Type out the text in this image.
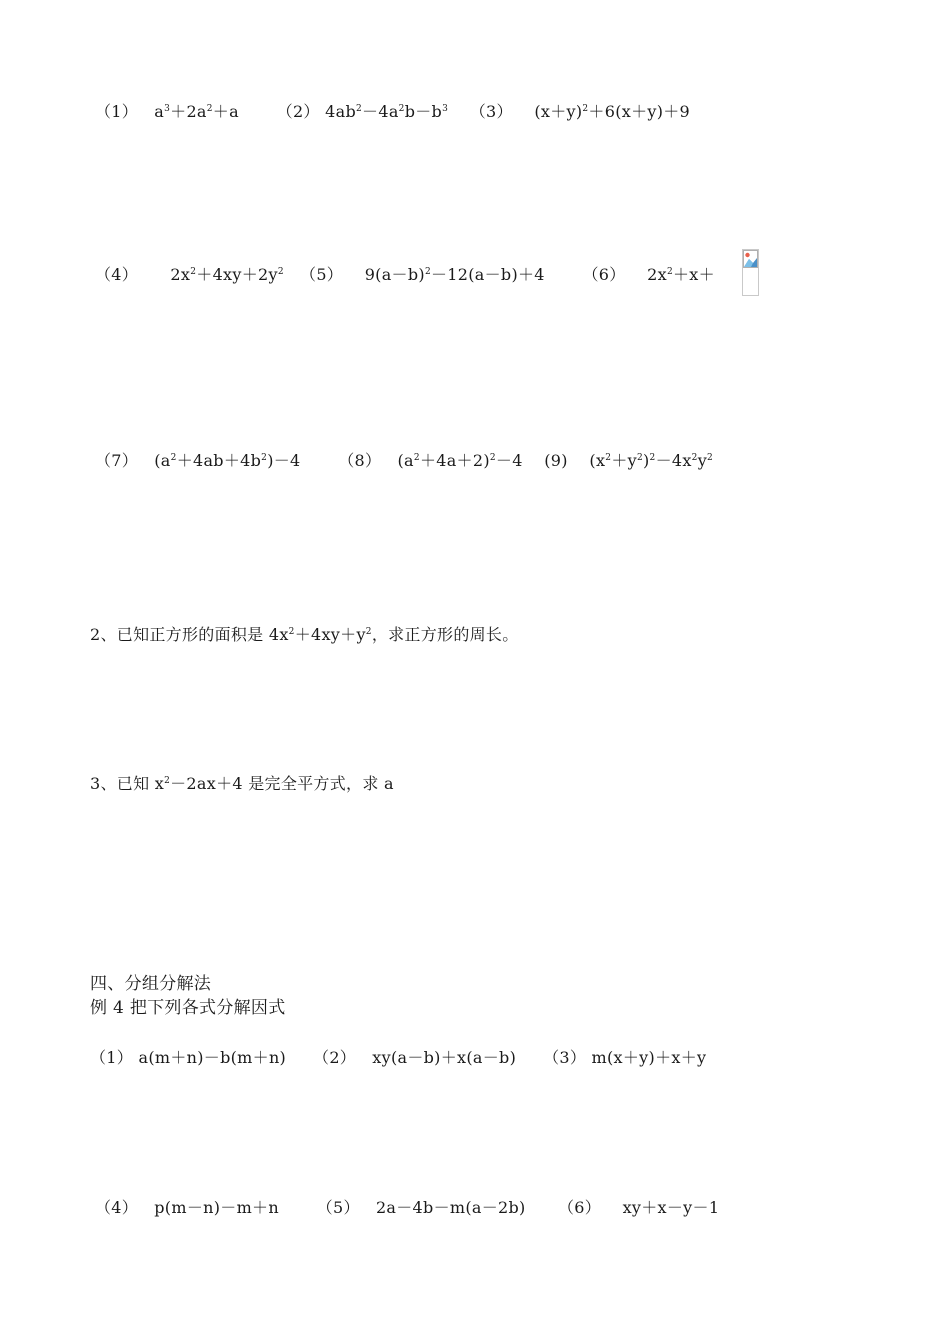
（1） $a^3+2a^2+a$ （2） $4ab^2-4a^2b-b^3$ （3） $(x+y)^2+6(x+y)+9$
（4） $2x^2+4xy+2y^2$ （5） $9(a-b)^2-12(a-b)+4$ （6） $2x^2+x+$
（7） $(a^2+4ab+4b^2)-4$ （8） $(a^2+4a+2)^2-4$ (9) $(x^2+y^2)^2-4x^2y^2$
2、已知正方形的面积是 $4x^2+4xy+y^2$，求正方形的周长。
3、已知 $x^2-2ax+4$ 是完全平方式，求 a
四、分组分解法
例 4 把下列各式分解因式
（1） a(m＋n)－b(m＋n) （2） xy(a－b)＋x(a－b) （3） m(x＋y)＋x＋y
（4） p(m－n)－m＋n （5） 2a－4b－m(a－2b) （6） xy＋x－y－1
